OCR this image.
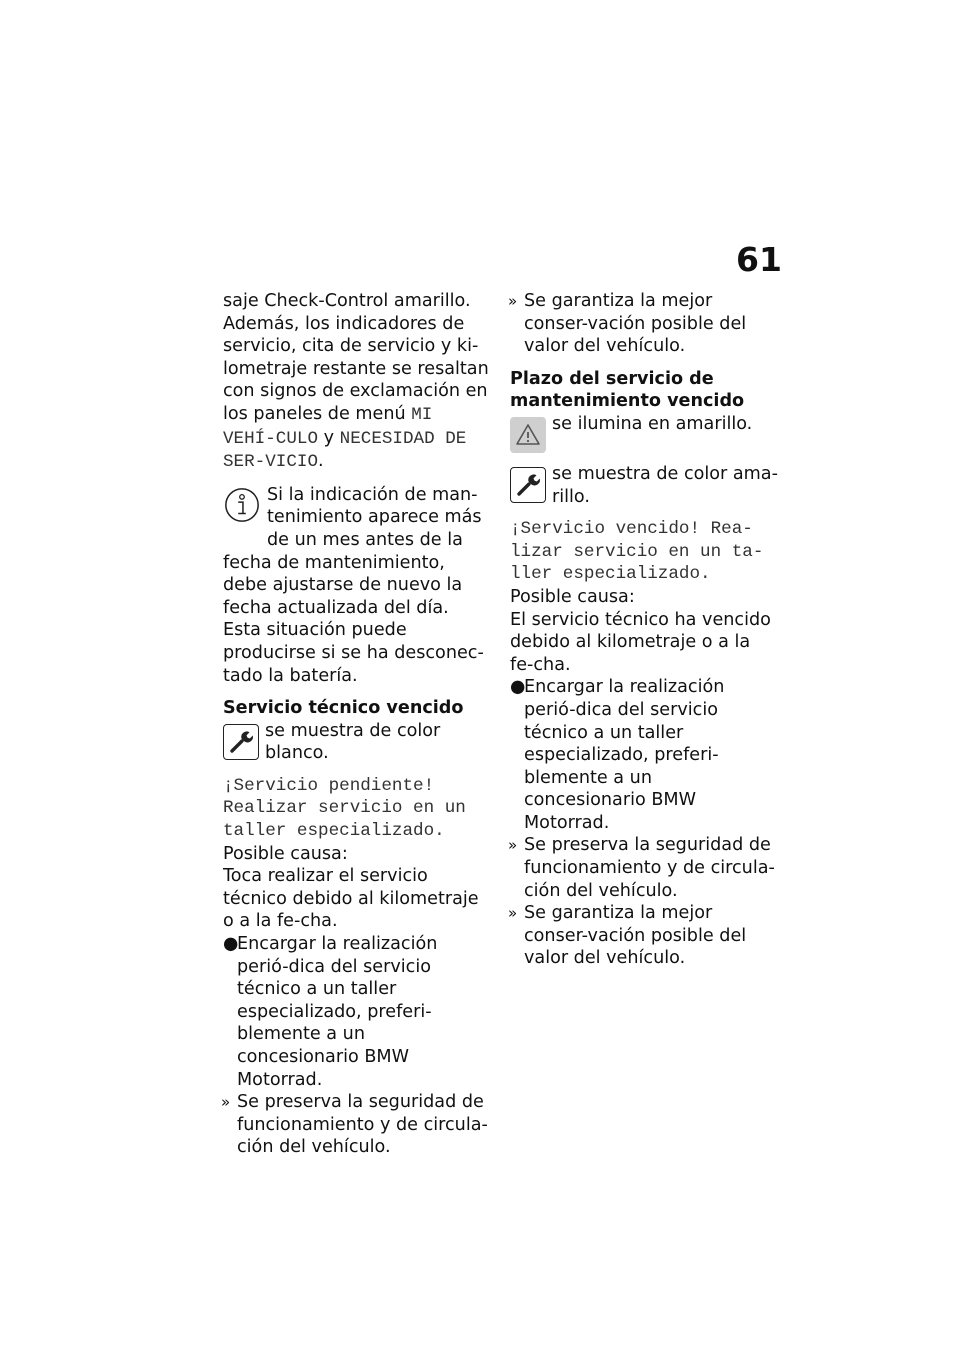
61

saje Check-Control amarillo. Además, los indicadores de servicio, cita de servicio y ki-lometraje restante se resaltan con signos de exclamación en los paneles de menú MI VEHÍ-CULO y NECESIDAD DE SER-VICIO.

Si la indicación de man-tenimiento aparece más de un mes antes de la fecha de mantenimiento, debe ajustarse de nuevo la fecha actualizada del día. Esta situación puede producirse si se ha desconec-tado la batería.

Servicio técnico vencido

se muestra de color blanco.

¡Servicio pendiente! Realizar servicio en un taller especializado.

Posible causa:

Toca realizar el servicio técnico debido al kilometraje o a la fe-cha.

●
Encargar la realización perió-dica del servicio técnico a un taller especializado, preferi-blemente a un concesionario BMW Motorrad.
» Se preserva la seguridad de funcionamiento y de circula-ción del vehículo.
» Se garantiza la mejor conser-vación posible del valor del vehículo.

Plazo del servicio de mantenimiento vencido

se ilumina en amarillo.
se muestra de color ama-rillo.

¡Servicio vencido! Rea-lizar servicio en un ta-ller especializado.

Posible causa:

El servicio técnico ha vencido debido al kilometraje o a la fe-cha.

●
Encargar la realización perió-dica del servicio técnico a un taller especializado, preferi-blemente a un concesionario BMW Motorrad.
» Se preserva la seguridad de funcionamiento y de circula-ción del vehículo.
» Se garantiza la mejor conser-vación posible del valor del vehículo.
